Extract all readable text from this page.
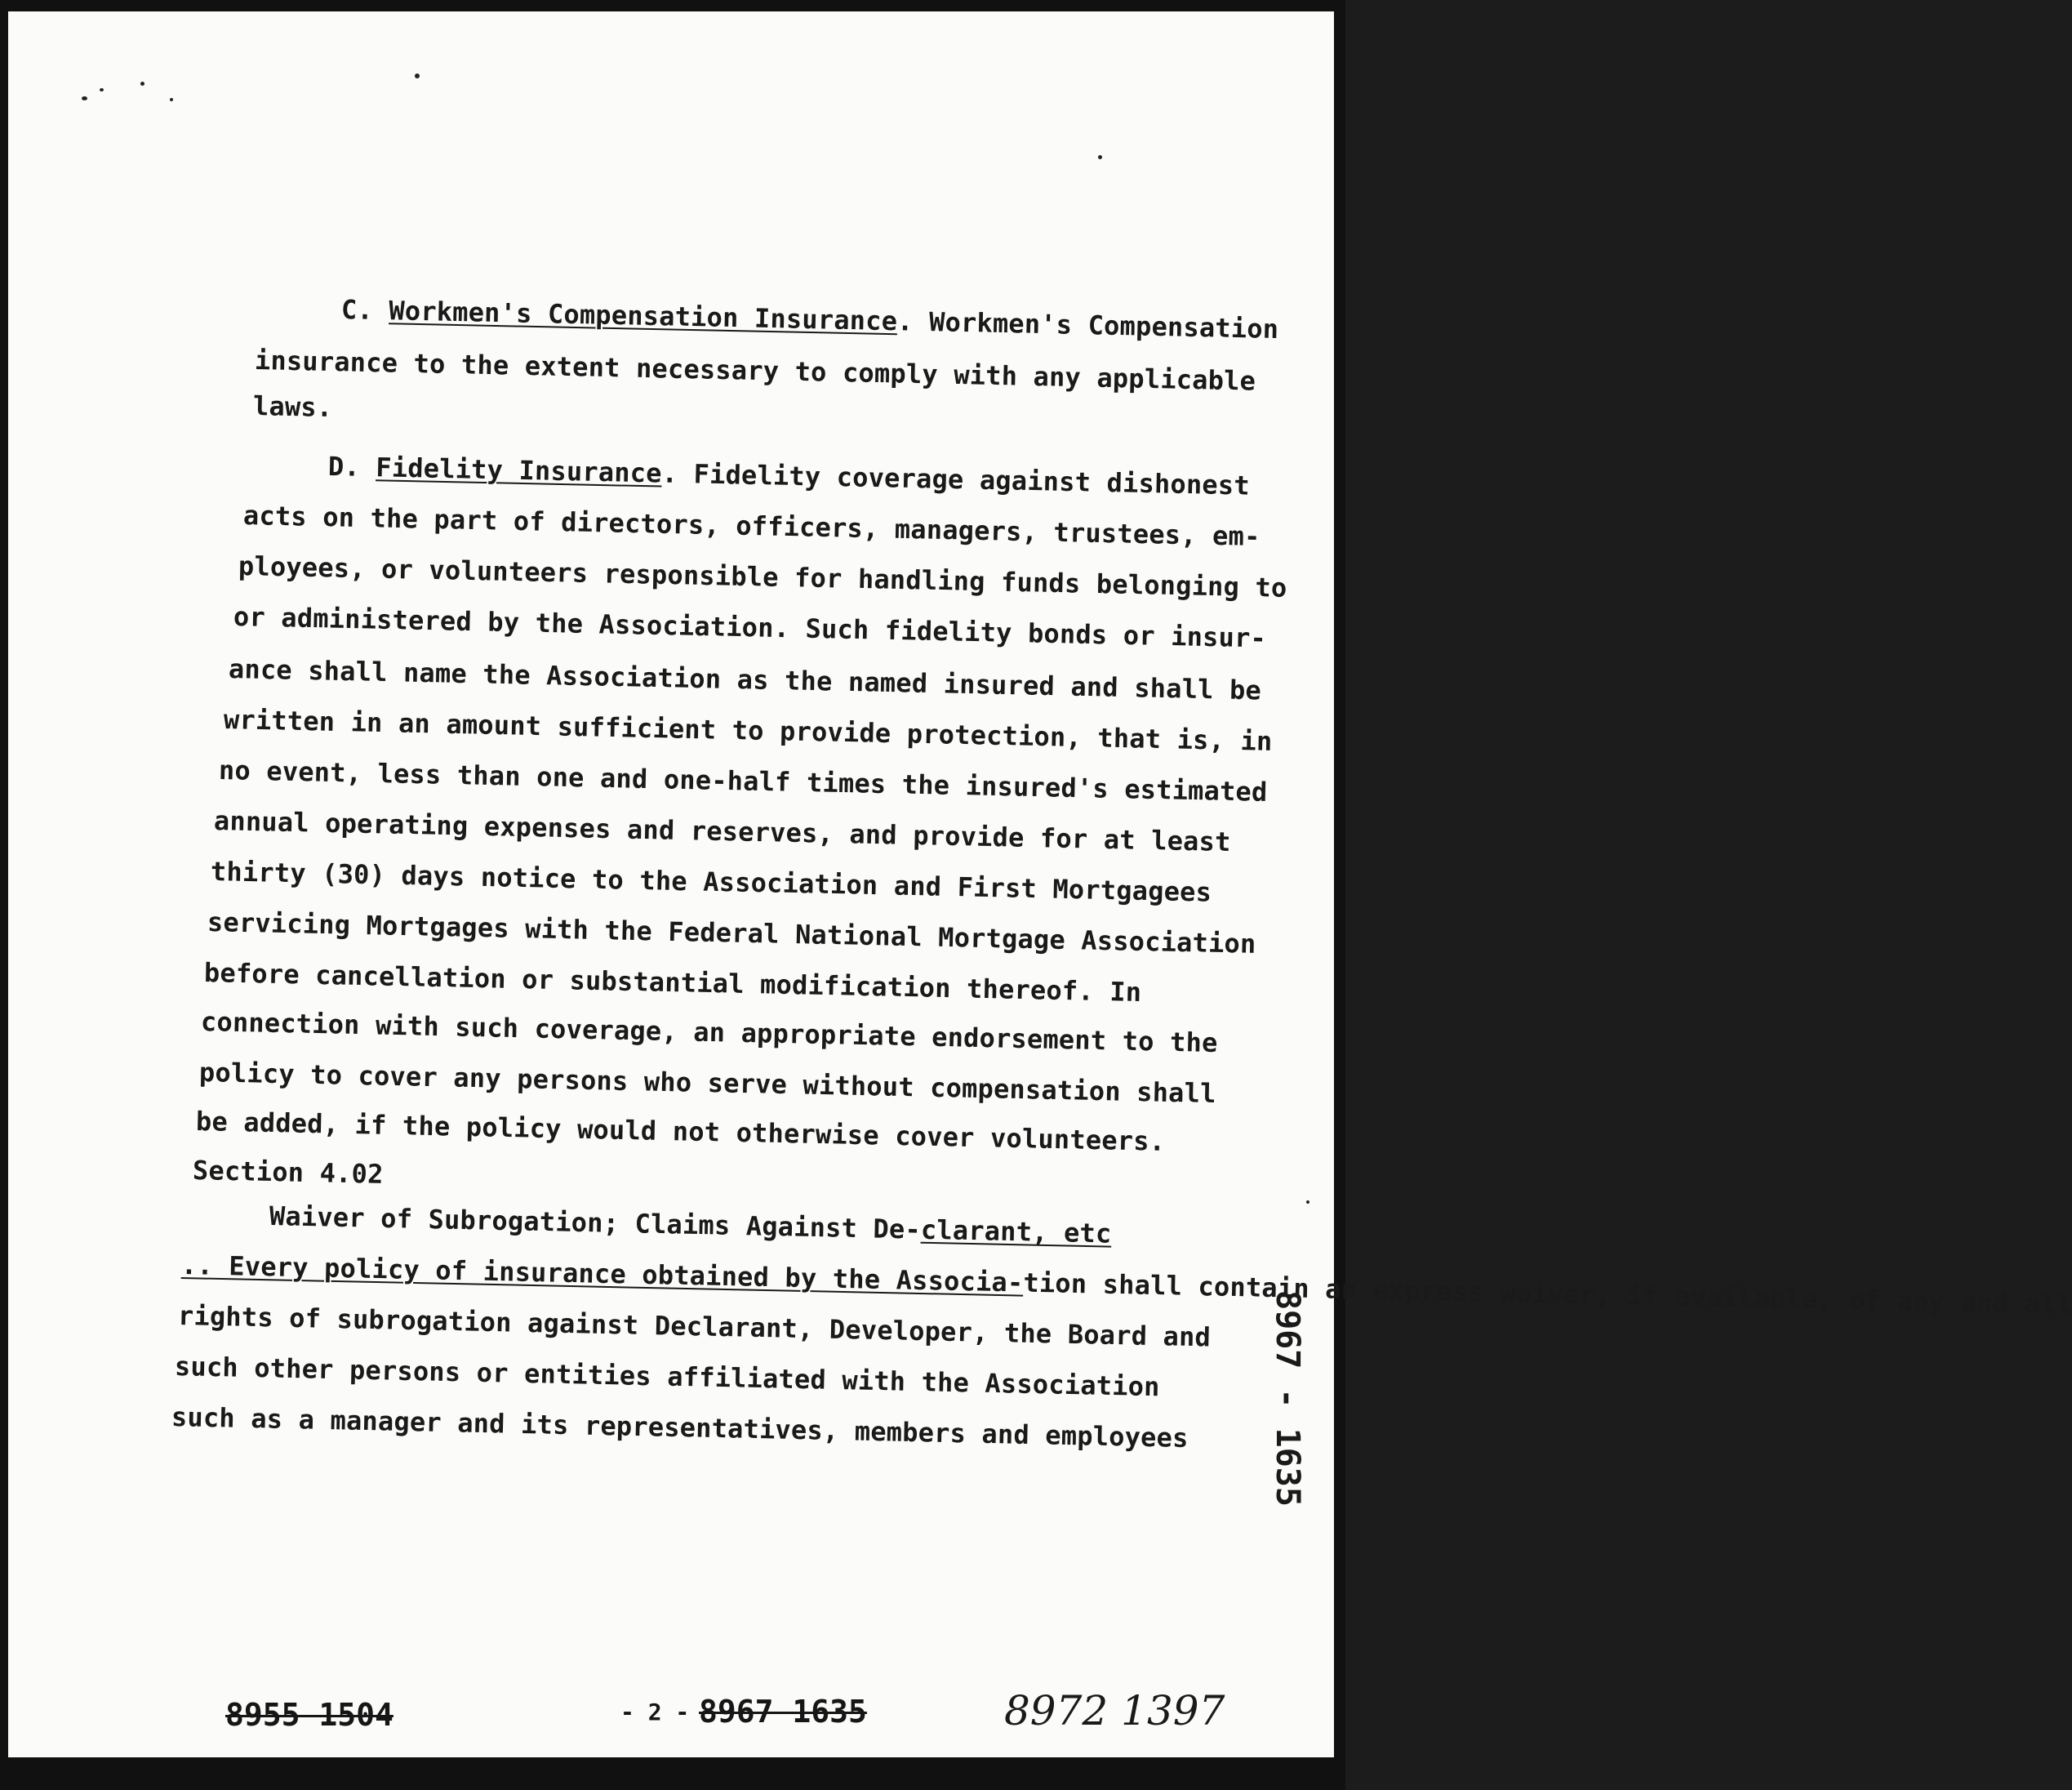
C. Workmen's Compensation Insurance. Workmen's Compensation
insurance to the extent necessary to comply with any applicable
laws.
D. Fidelity Insurance. Fidelity coverage against dishonest
acts on the part of directors, officers, managers, trustees, em-
ployees, or volunteers responsible for handling funds belonging to
or administered by the Association. Such fidelity bonds or insur-
ance shall name the Association as the named insured and shall be
written in an amount sufficient to provide protection, that is, in
no event, less than one and one-half times the insured's estimated
annual operating expenses and reserves, and provide for at least
thirty (30) days notice to the Association and First Mortgagees
servicing Mortgages with the Federal National Mortgage Association
before cancellation or substantial modification thereof. In
connection with such coverage, an appropriate endorsement to the
policy to cover any persons who serve without compensation shall
be added, if the policy would not otherwise cover volunteers.
Section 4.02
Waiver of Subrogation; Claims Against De-clarant, etc
.. Every policy of insurance obtained by the Associa-tion shall contain an express waiver, if available, of any and all
rights of subrogation against Declarant, Developer, the Board and
such other persons or entities affiliated with the Association
such as a manager and its representatives, members and employees 8967 - 1635
8955 1504	- 2 - 8967 1635	8972 1397
